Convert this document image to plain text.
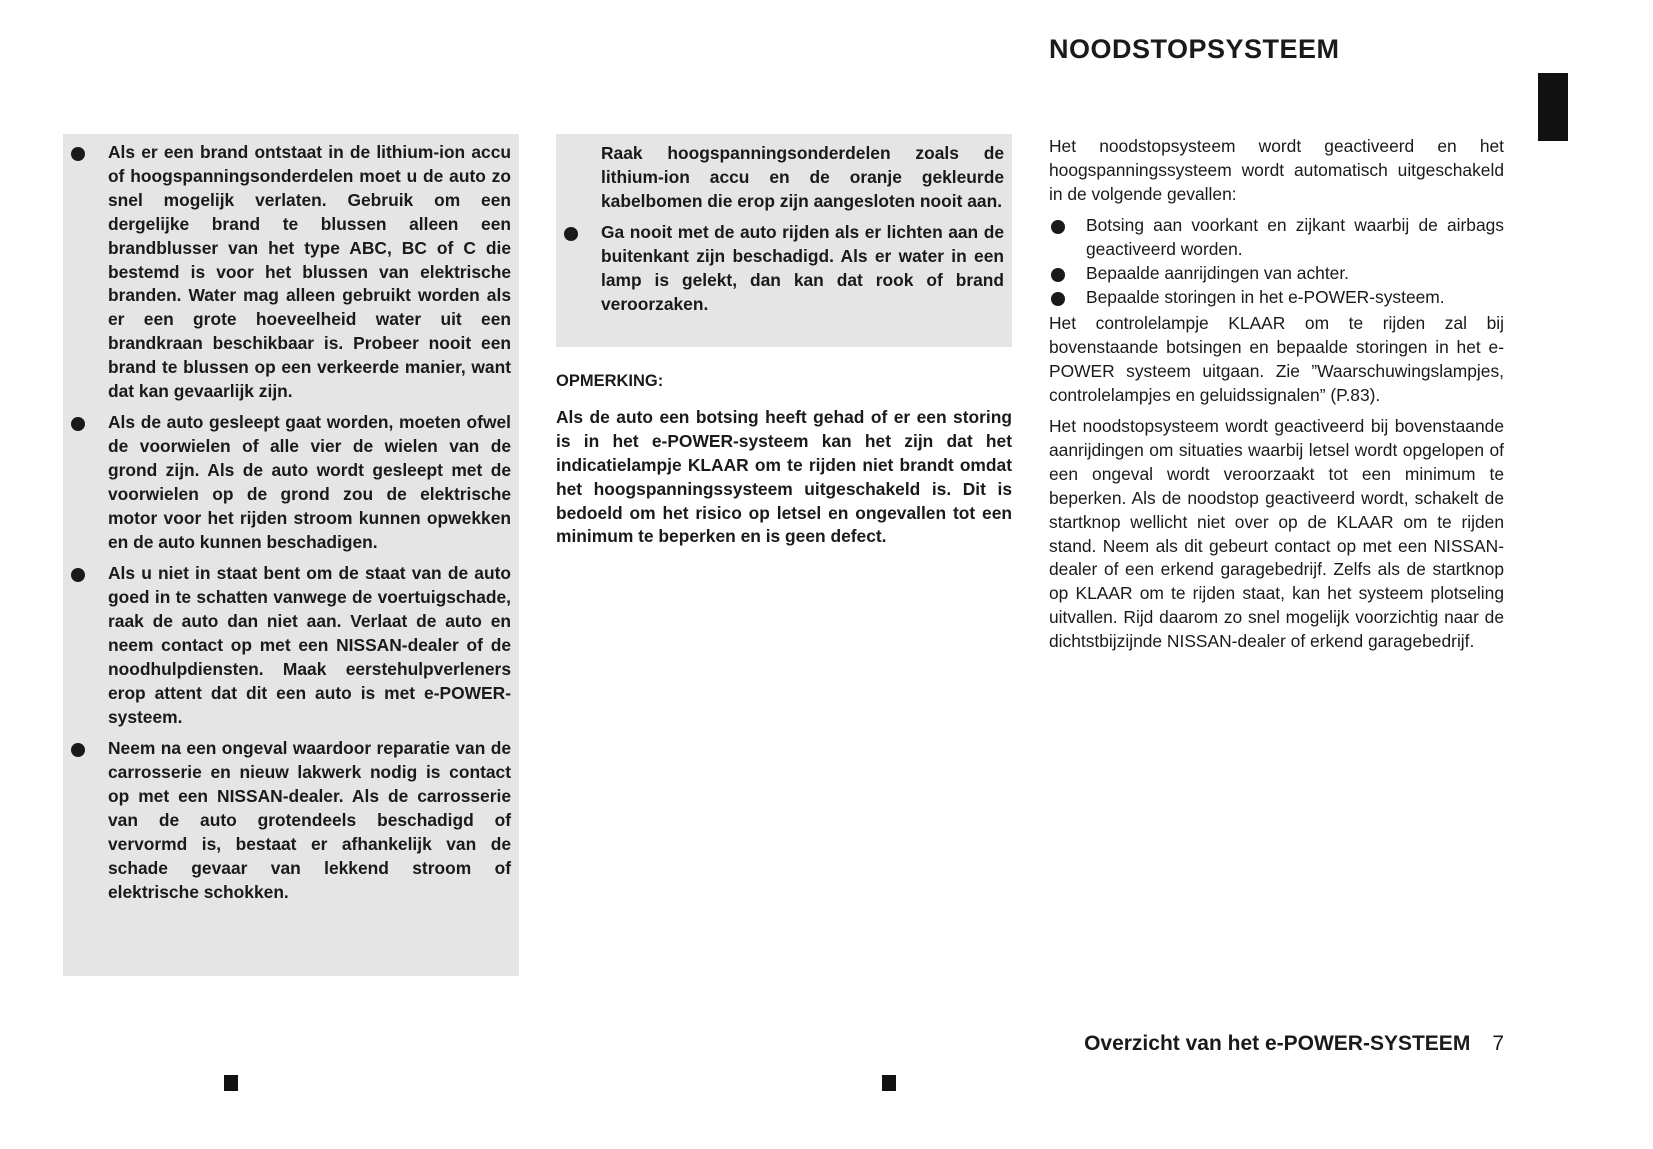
NOODSTOPSYSTEEM
Als er een brand ontstaat in de lithium-ion accu of hoogspanningsonderdelen moet u de auto zo snel mogelijk verlaten. Gebruik om een dergelijke brand te blussen alleen een brandblusser van het type ABC, BC of C die bestemd is voor het blussen van elektrische branden. Water mag alleen gebruikt worden als er een grote hoeveelheid water uit een brandkraan beschikbaar is. Probeer nooit een brand te blussen op een verkeerde manier, want dat kan gevaarlijk zijn.
Als de auto gesleept gaat worden, moeten ofwel de voorwielen of alle vier de wielen van de grond zijn. Als de auto wordt gesleept met de voorwielen op de grond zou de elektrische motor voor het rijden stroom kunnen opwekken en de auto kunnen beschadigen.
Als u niet in staat bent om de staat van de auto goed in te schatten vanwege de voertuigschade, raak de auto dan niet aan. Verlaat de auto en neem contact op met een NISSAN-dealer of de noodhulpdiensten. Maak eerstehulpverleners erop attent dat dit een auto is met e-POWER-systeem.
Neem na een ongeval waardoor reparatie van de carrosserie en nieuw lakwerk nodig is contact op met een NISSAN-dealer. Als de carrosserie van de auto grotendeels beschadigd of vervormd is, bestaat er afhankelijk van de schade gevaar van lekkend stroom of elektrische schokken.
Raak hoogspanningsonderdelen zoals de lithium-ion accu en de oranje gekleurde kabelbomen die erop zijn aangesloten nooit aan.
Ga nooit met de auto rijden als er lichten aan de buitenkant zijn beschadigd. Als er water in een lamp is gelekt, dan kan dat rook of brand veroorzaken.
OPMERKING:

Als de auto een botsing heeft gehad of er een storing is in het e-POWER-systeem kan het zijn dat het indicatielampje KLAAR om te rijden niet brandt omdat het hoogspanningssysteem uitgeschakeld is. Dit is bedoeld om het risico op letsel en ongevallen tot een minimum te beperken en is geen defect.

Het noodstopsysteem wordt geactiveerd en het hoogspanningssysteem wordt automatisch uitgeschakeld in de volgende gevallen:

Botsing aan voorkant en zijkant waarbij de airbags geactiveerd worden.
Bepaalde aanrijdingen van achter.
Bepaalde storingen in het e-POWER-systeem.

Het controlelampje KLAAR om te rijden zal bij bovenstaande botsingen en bepaalde storingen in het e-POWER systeem uitgaan. Zie ”Waarschuwingslampjes, controlelampjes en geluidssignalen” (P.83).

Het noodstopsysteem wordt geactiveerd bij bovenstaande aanrijdingen om situaties waarbij letsel wordt opgelopen of een ongeval wordt veroorzaakt tot een minimum te beperken. Als de noodstop geactiveerd wordt, schakelt de startknop wellicht niet over op de KLAAR om te rijden stand. Neem als dit gebeurt contact op met een NISSAN-dealer of een erkend garagebedrijf. Zelfs als de startknop op KLAAR om te rijden staat, kan het systeem plotseling uitvallen. Rijd daarom zo snel mogelijk voorzichtig naar de dichtstbijzijnde NISSAN-dealer of erkend garagebedrijf.

Overzicht van het e-POWER-SYSTEEM 7
